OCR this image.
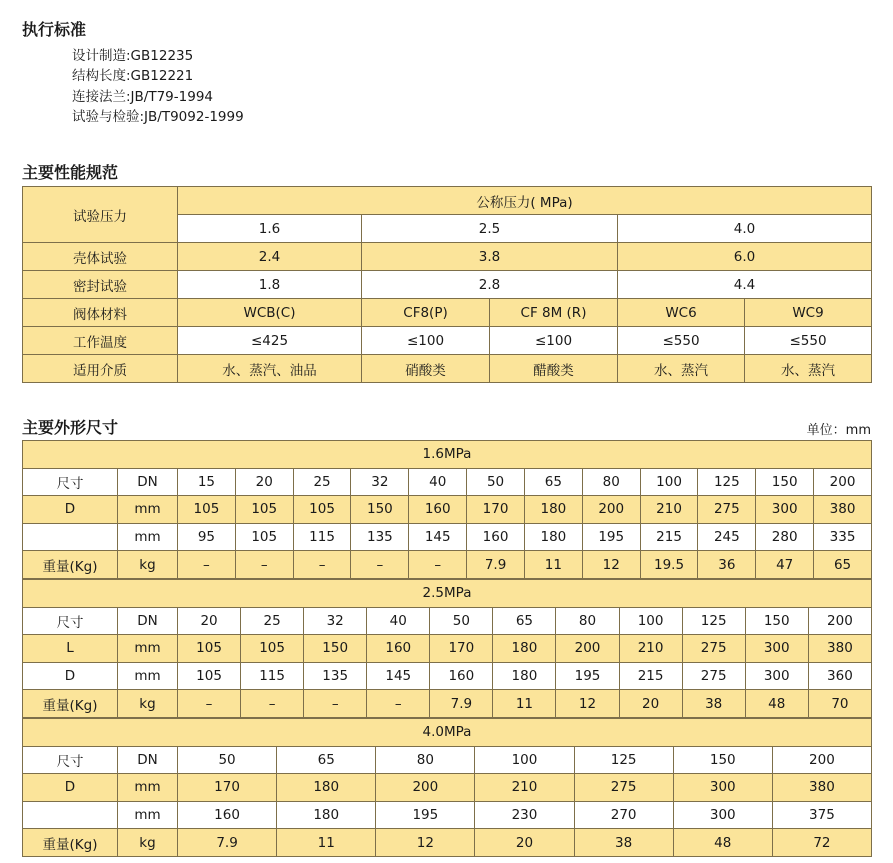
执行标准
设计制造:GB12235
结构长度:GB12221
连接法兰:JB/T79-1994
试验与检验:JB/T9092-1999
主要性能规范
试验压力	公称压力( MPa)				
	1.6	2.5		4.0	
壳体试验	2.4	3.8		6.0	
密封试验	1.8	2.8		4.4	
阀体材料	WCB(C)	CF8(P)	CF 8M (R)	WC6	WC9
工作温度	≤425	≤100	≤100	≤550	≤550
适用介质	水、蒸汽、油品	硝酸类	醋酸类	水、蒸汽	水、蒸汽
主要外形尺寸	单位：mm
1.6MPa													
尺寸	DN	15	20	25	32	40	50	65	80	100	125	150	200
D	mm	105	105	105	150	160	170	180	200	210	275	300	380
	mm	95	105	115	135	145	160	180	195	215	245	280	335
重量(Kg)	kg	–	–	–	–	–	7.9	11	12	19.5	36	47	65
2.5MPa												
尺寸	DN	20	25	32	40	50	65	80	100	125	150	200
L	mm	105	105	150	160	170	180	200	210	275	300	380
D	mm	105	115	135	145	160	180	195	215	275	300	360
重量(Kg)	kg	–	–	–	–	7.9	11	12	20	38	48	70
4.0MPa								
尺寸	DN	50	65	80	100	125	150	200
D	mm	170	180	200	210	275	300	380
	mm	160	180	195	230	270	300	375
重量(Kg)	kg	7.9	11	12	20	38	48	72
